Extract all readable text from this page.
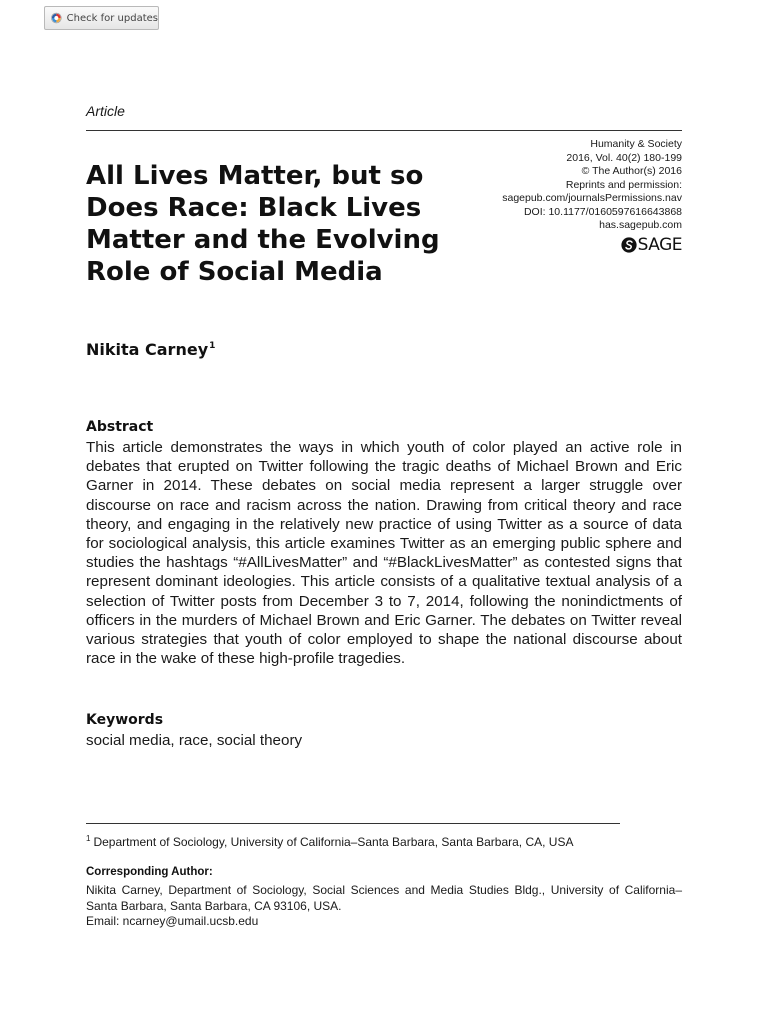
Check for updates
Article
All Lives Matter, but so Does Race: Black Lives Matter and the Evolving Role of Social Media
Humanity & Society
2016, Vol. 40(2) 180-199
© The Author(s) 2016
Reprints and permission:
sagepub.com/journalsPermissions.nav
DOI: 10.1177/0160597616643868
has.sagepub.com
SAGE
Nikita Carney$^1$
Abstract

This article demonstrates the ways in which youth of color played an active role in debates that erupted on Twitter following the tragic deaths of Michael Brown and Eric Garner in 2014. These debates on social media represent a larger struggle over discourse on race and racism across the nation. Drawing from critical theory and race theory, and engaging in the relatively new practice of using Twitter as a source of data for sociological analysis, this article examines Twitter as an emerging public sphere and studies the hashtags “#AllLivesMatter” and “#BlackLivesMatter” as contested signs that represent dominant ideologies. This article consists of a qualitative textual analysis of a selection of Twitter posts from December 3 to 7, 2014, following the nonindictments of officers in the murders of Michael Brown and Eric Garner. The debates on Twitter reveal various strategies that youth of color employed to shape the national discourse about race in the wake of these high-profile tragedies.

Keywords

social media, race, social theory

$^1$ Department of Sociology, University of California–Santa Barbara, Santa Barbara, CA, USA
Corresponding Author:

Nikita Carney, Department of Sociology, Social Sciences and Media Studies Bldg., University of California–Santa Barbara, Santa Barbara, CA 93106, USA.

Email: ncarney@umail.ucsb.edu
